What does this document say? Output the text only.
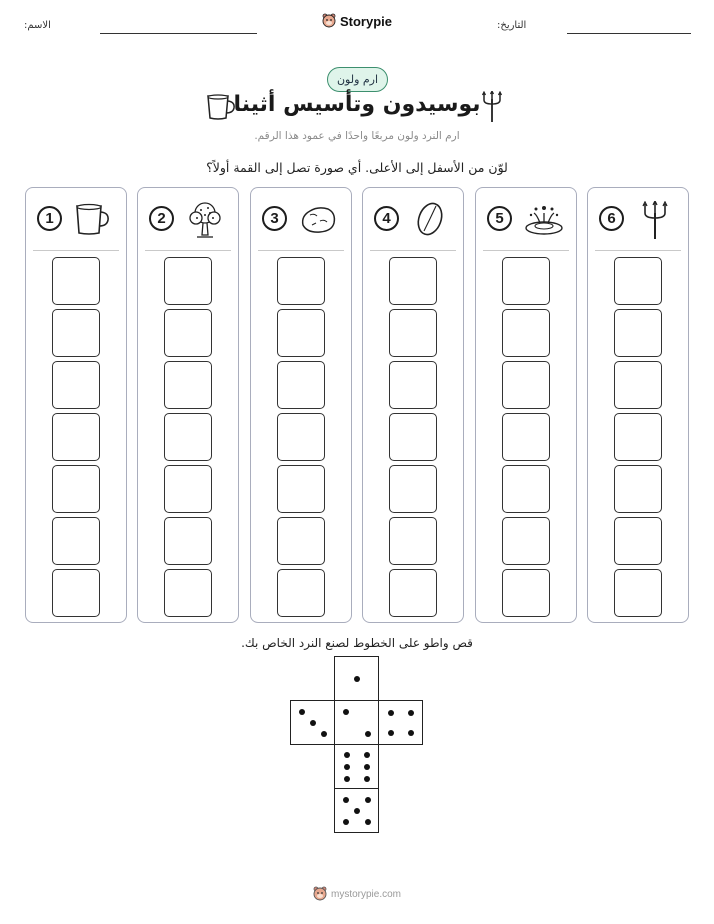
الاسم:	Storypie	التاريخ:
ارم ولون
بوسيدون وتأسيس أثينا
ارم النرد ولون مربعًا واحدًا في عمود هذا الرقم.
لوّن من الأسفل إلى الأعلى. أي صورة تصل إلى القمة أولاً؟
1	2	3	4	5	6
قص واطو على الخطوط لصنع النرد الخاص بك.
mystorypie.com
